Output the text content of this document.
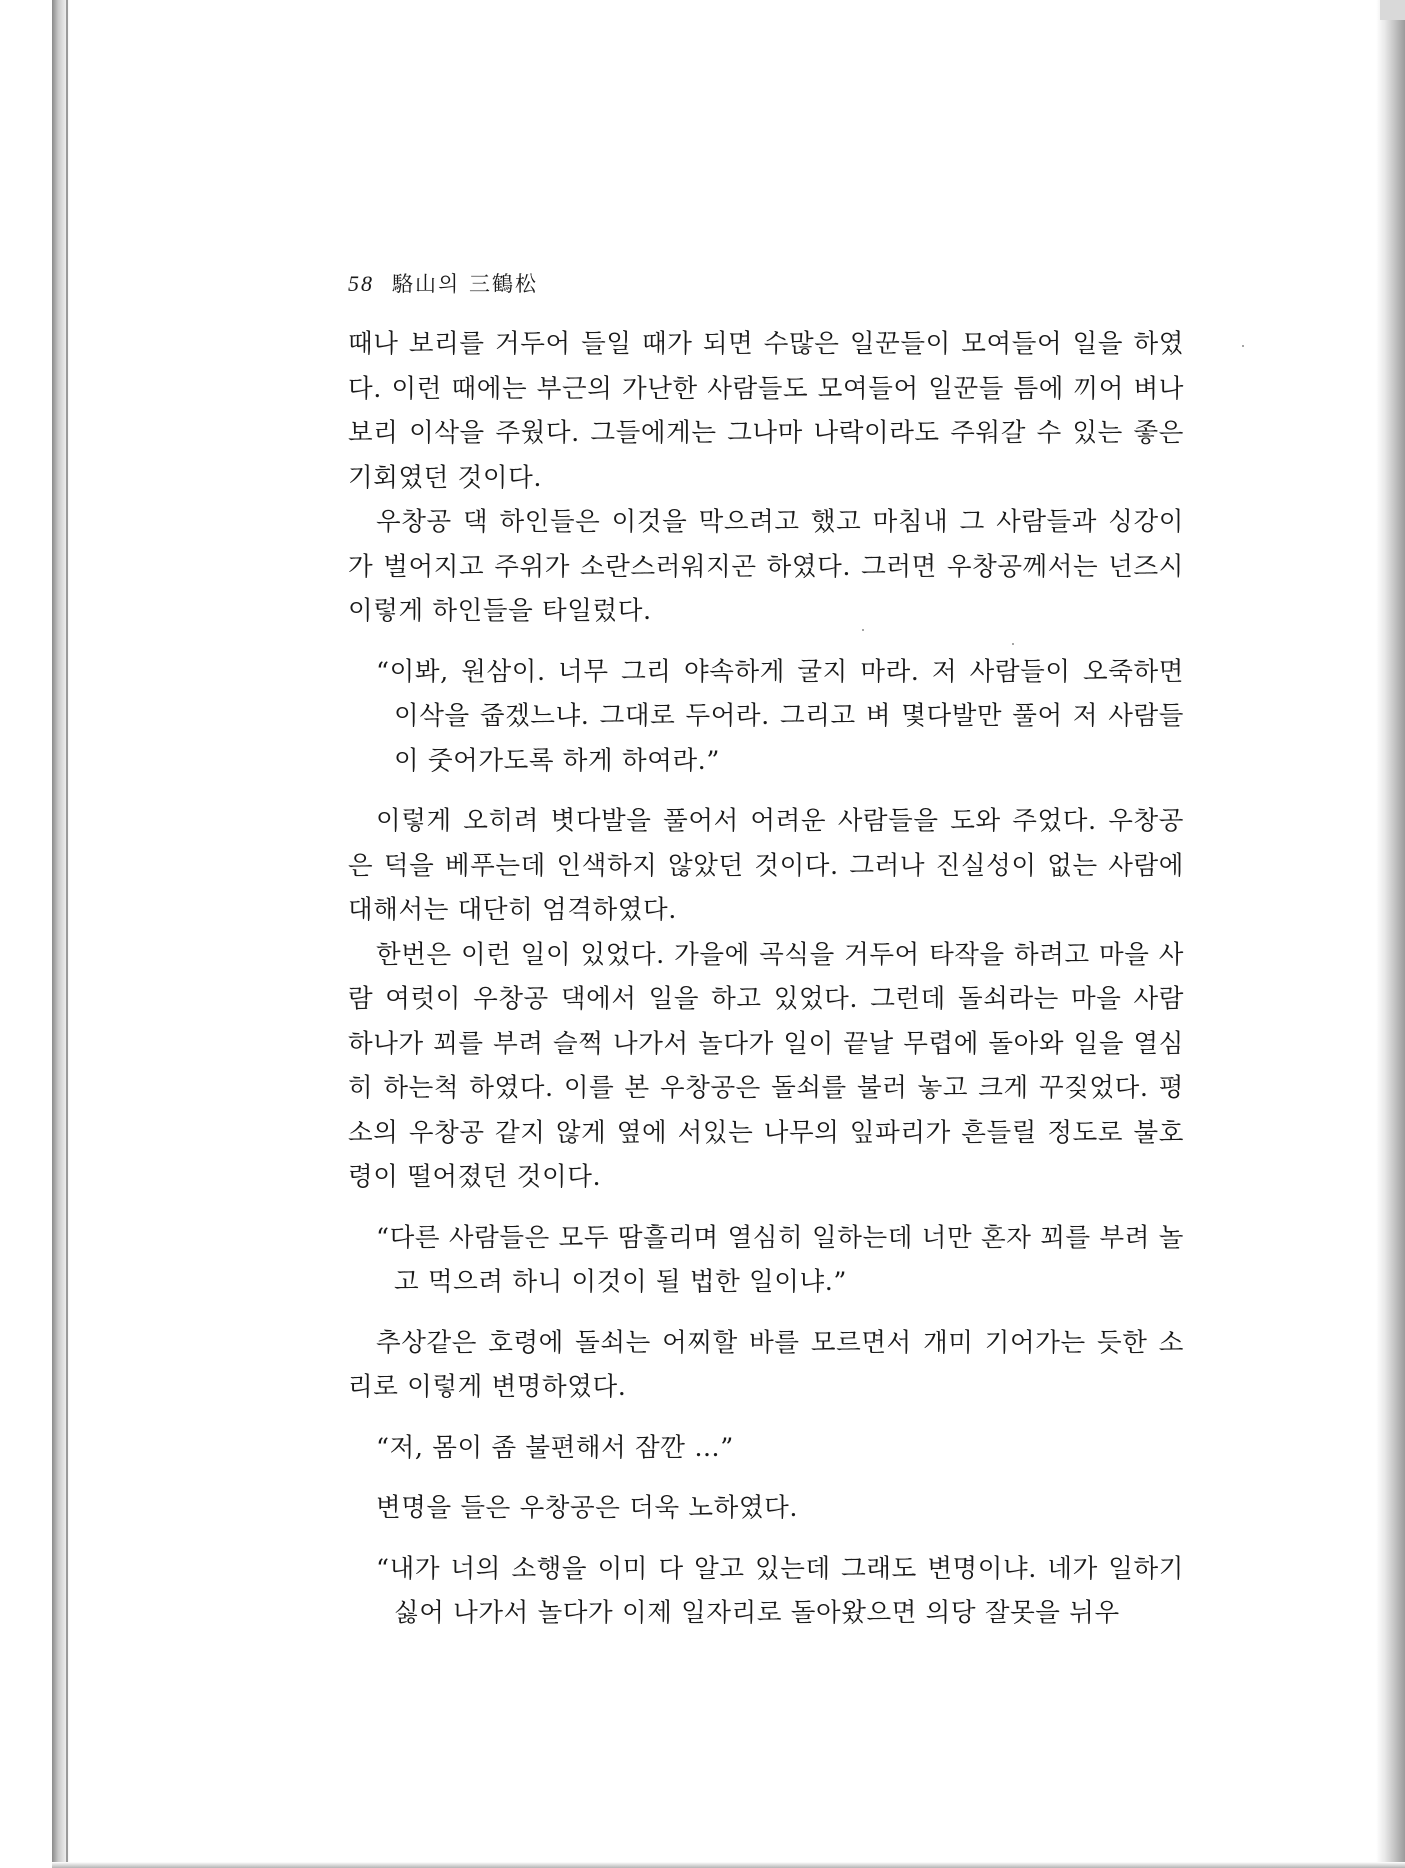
58 駱山의 三鶴松

때나 보리를 거두어 들일 때가 되면 수많은 일꾼들이 모여들어 일을 하였다. 이런 때에는 부근의 가난한 사람들도 모여들어 일꾼들 틈에 끼어 벼나 보리 이삭을 주웠다. 그들에게는 그나마 나락이라도 주워갈 수 있는 좋은 기회였던 것이다.

우창공 댁 하인들은 이것을 막으려고 했고 마침내 그 사람들과 싱강이가 벌어지고 주위가 소란스러워지곤 하였다. 그러면 우창공께서는 넌즈시 이렇게 하인들을 타일렀다.

“이봐, 원삼이. 너무 그리 야속하게 굴지 마라. 저 사람들이 오죽하면 이삭을 줍겠느냐. 그대로 두어라. 그리고 벼 몇다발만 풀어 저 사람들이 줏어가도록 하게 하여라.”

이렇게 오히려 볏다발을 풀어서 어려운 사람들을 도와 주었다. 우창공은 덕을 베푸는데 인색하지 않았던 것이다. 그러나 진실성이 없는 사람에 대해서는 대단히 엄격하였다.

한번은 이런 일이 있었다. 가을에 곡식을 거두어 타작을 하려고 마을 사람 여럿이 우창공 댁에서 일을 하고 있었다. 그런데 돌쇠라는 마을 사람 하나가 꾀를 부려 슬쩍 나가서 놀다가 일이 끝날 무렵에 돌아와 일을 열심히 하는척 하였다. 이를 본 우창공은 돌쇠를 불러 놓고 크게 꾸짖었다. 평소의 우창공 같지 않게 옆에 서있는 나무의 잎파리가 흔들릴 정도로 불호령이 떨어졌던 것이다.

“다른 사람들은 모두 땀흘리며 열심히 일하는데 너만 혼자 꾀를 부려 놀고 먹으려 하니 이것이 될 법한 일이냐.”

추상같은 호령에 돌쇠는 어찌할 바를 모르면서 개미 기어가는 듯한 소리로 이렇게 변명하였다.

“저, 몸이 좀 불편해서 잠깐 …”

변명을 들은 우창공은 더욱 노하였다.

“내가 너의 소행을 이미 다 알고 있는데 그래도 변명이냐. 네가 일하기 싫어 나가서 놀다가 이제 일자리로 돌아왔으면 의당 잘못을 뉘우
